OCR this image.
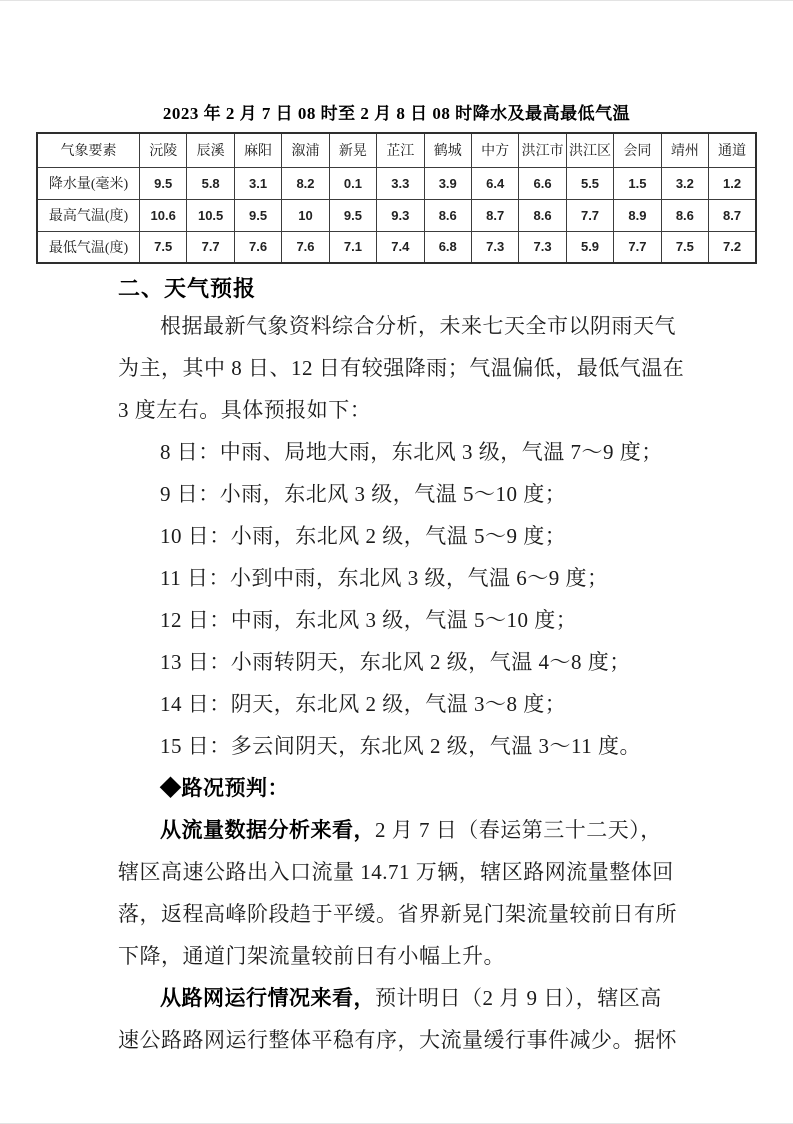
2023 年 2 月 7 日 08 时至 2 月 8 日 08 时降水及最高最低气温
气象要素	沅陵	辰溪	麻阳	溆浦	新晃	芷江	鹤城	中方	洪江市	洪江区	会同	靖州	通道
降水量(毫米)	9.5	5.8	3.1	8.2	0.1	3.3	3.9	6.4	6.6	5.5	1.5	3.2	1.2
最高气温(度)	10.6	10.5	9.5	10	9.5	9.3	8.6	8.7	8.6	7.7	8.9	8.6	8.7
最低气温(度)	7.5	7.7	7.6	7.6	7.1	7.4	6.8	7.3	7.3	5.9	7.7	7.5	7.2
二、天气预报
根据最新气象资料综合分析，未来七天全市以阴雨天气
为主，其中 8 日、12 日有较强降雨；气温偏低，最低气温在
3 度左右。具体预报如下：
8 日：中雨、局地大雨，东北风 3 级，气温 7～9 度；
9 日：小雨，东北风 3 级，气温 5～10 度；
10 日：小雨，东北风 2 级，气温 5～9 度；
11 日：小到中雨，东北风 3 级，气温 6～9 度；
12 日：中雨，东北风 3 级，气温 5～10 度；
13 日：小雨转阴天，东北风 2 级，气温 4～8 度；
14 日：阴天，东北风 2 级，气温 3～8 度；
15 日：多云间阴天，东北风 2 级，气温 3～11 度。
◆路况预判：
从流量数据分析来看，2 月 7 日（春运第三十二天），
辖区高速公路出入口流量 14.71 万辆，辖区路网流量整体回
落，返程高峰阶段趋于平缓。省界新晃门架流量较前日有所
下降，通道门架流量较前日有小幅上升。
从路网运行情况来看，预计明日（2 月 9 日），辖区高
速公路路网运行整体平稳有序，大流量缓行事件减少。据怀
